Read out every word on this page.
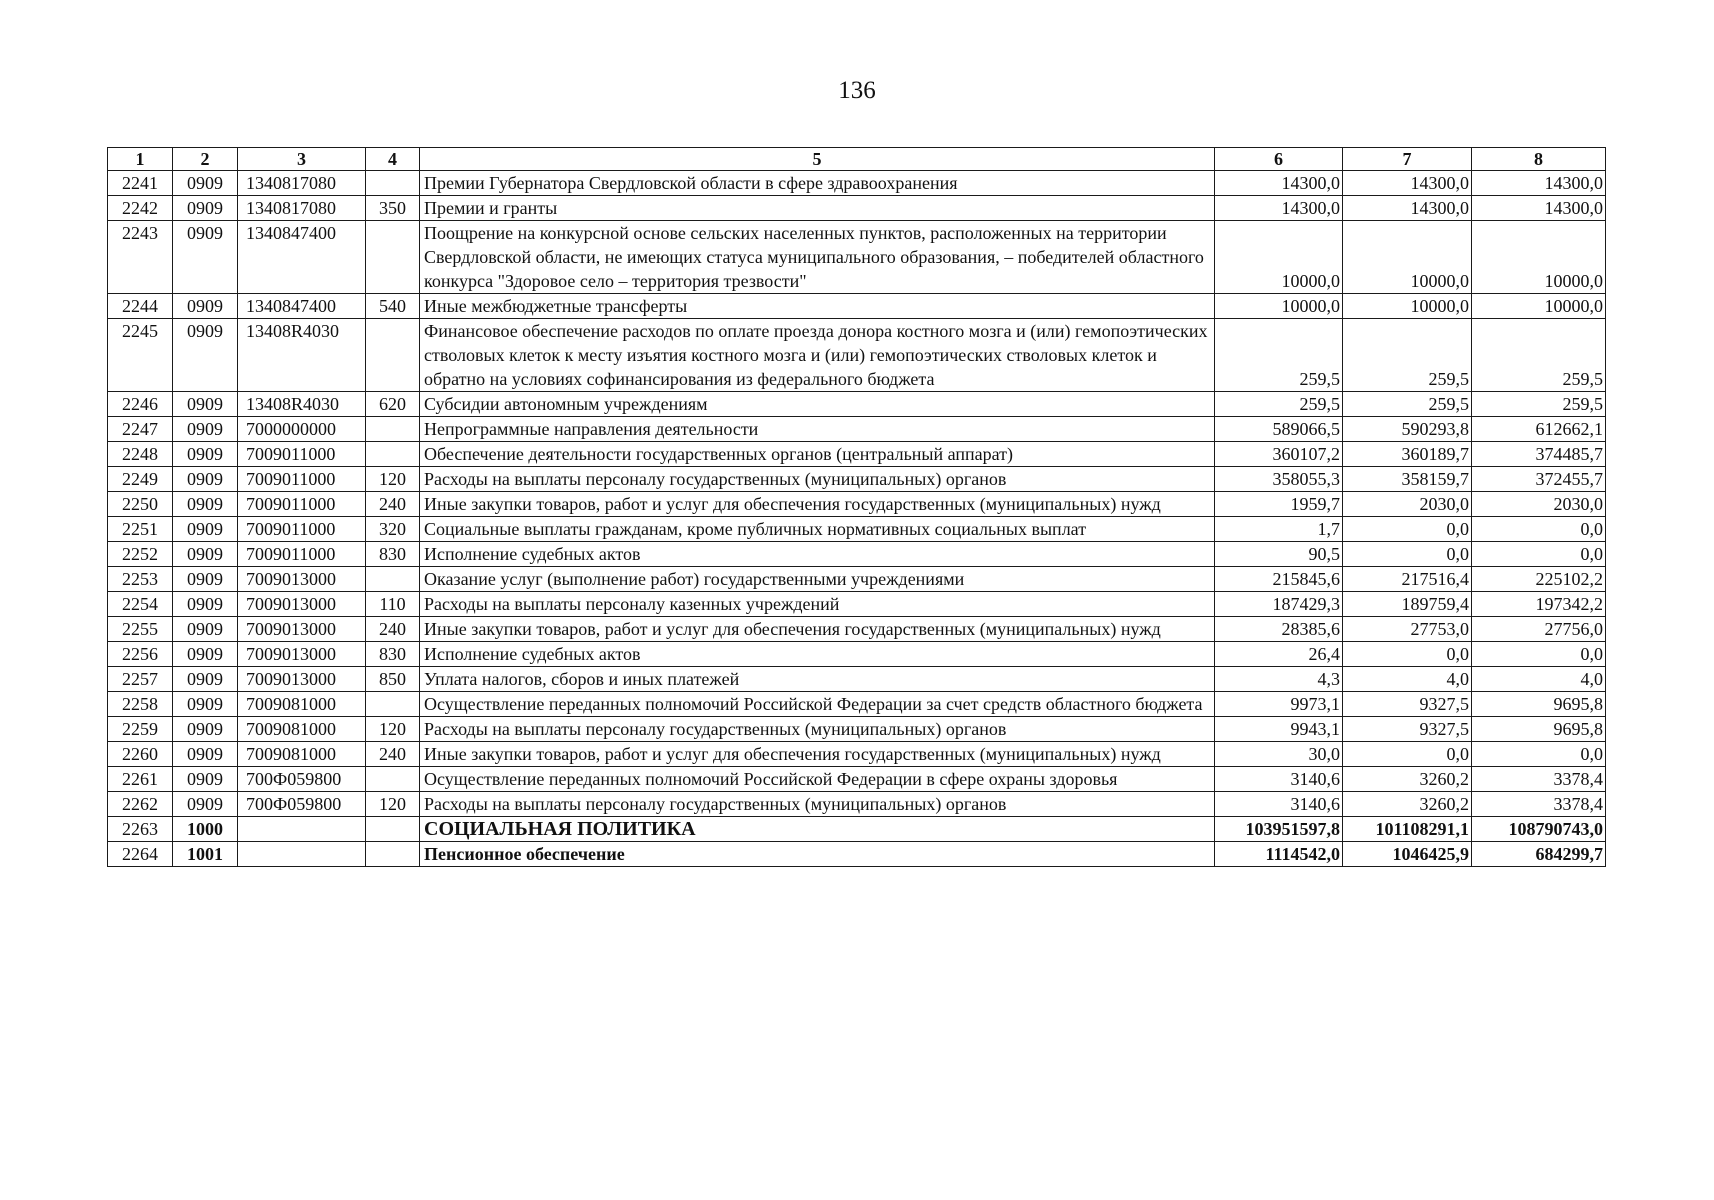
136
1	2	3	4	5	6	7	8
2241	0909	1340817080		Премии Губернатора Свердловской области в сфере здравоохранения	14300,0	14300,0	14300,0
2242	0909	1340817080	350	Премии и гранты	14300,0	14300,0	14300,0
2243	0909	1340847400		Поощрение на конкурсной основе сельских населенных пунктов, расположенных на территории Свердловской области, не имеющих статуса муниципального образования, – победителей областного конкурса "Здоровое село – территория трезвости"	10000,0	10000,0	10000,0
2244	0909	1340847400	540	Иные межбюджетные трансферты	10000,0	10000,0	10000,0
2245	0909	13408R4030		Финансовое обеспечение расходов по оплате проезда донора костного мозга и (или) гемопоэтических стволовых клеток к месту изъятия костного мозга и (или) гемопоэтических стволовых клеток и обратно на условиях софинансирования из федерального бюджета	259,5	259,5	259,5
2246	0909	13408R4030	620	Субсидии автономным учреждениям	259,5	259,5	259,5
2247	0909	7000000000		Непрограммные направления деятельности	589066,5	590293,8	612662,1
2248	0909	7009011000		Обеспечение деятельности государственных органов (центральный аппарат)	360107,2	360189,7	374485,7
2249	0909	7009011000	120	Расходы на выплаты персоналу государственных (муниципальных) органов	358055,3	358159,7	372455,7
2250	0909	7009011000	240	Иные закупки товаров, работ и услуг для обеспечения государственных (муниципальных) нужд	1959,7	2030,0	2030,0
2251	0909	7009011000	320	Социальные выплаты гражданам, кроме публичных нормативных социальных выплат	1,7	0,0	0,0
2252	0909	7009011000	830	Исполнение судебных актов	90,5	0,0	0,0
2253	0909	7009013000		Оказание услуг (выполнение работ) государственными учреждениями	215845,6	217516,4	225102,2
2254	0909	7009013000	110	Расходы на выплаты персоналу казенных учреждений	187429,3	189759,4	197342,2
2255	0909	7009013000	240	Иные закупки товаров, работ и услуг для обеспечения государственных (муниципальных) нужд	28385,6	27753,0	27756,0
2256	0909	7009013000	830	Исполнение судебных актов	26,4	0,0	0,0
2257	0909	7009013000	850	Уплата налогов, сборов и иных платежей	4,3	4,0	4,0
2258	0909	7009081000		Осуществление переданных полномочий Российской Федерации за счет средств областного бюджета	9973,1	9327,5	9695,8
2259	0909	7009081000	120	Расходы на выплаты персоналу государственных (муниципальных) органов	9943,1	9327,5	9695,8
2260	0909	7009081000	240	Иные закупки товаров, работ и услуг для обеспечения государственных (муниципальных) нужд	30,0	0,0	0,0
2261	0909	700Ф059800		Осуществление переданных полномочий Российской Федерации в сфере охраны здоровья	3140,6	3260,2	3378,4
2262	0909	700Ф059800	120	Расходы на выплаты персоналу государственных (муниципальных) органов	3140,6	3260,2	3378,4
2263	1000			СОЦИАЛЬНАЯ ПОЛИТИКА	103951597,8	101108291,1	108790743,0
2264	1001			Пенсионное обеспечение	1114542,0	1046425,9	684299,7
